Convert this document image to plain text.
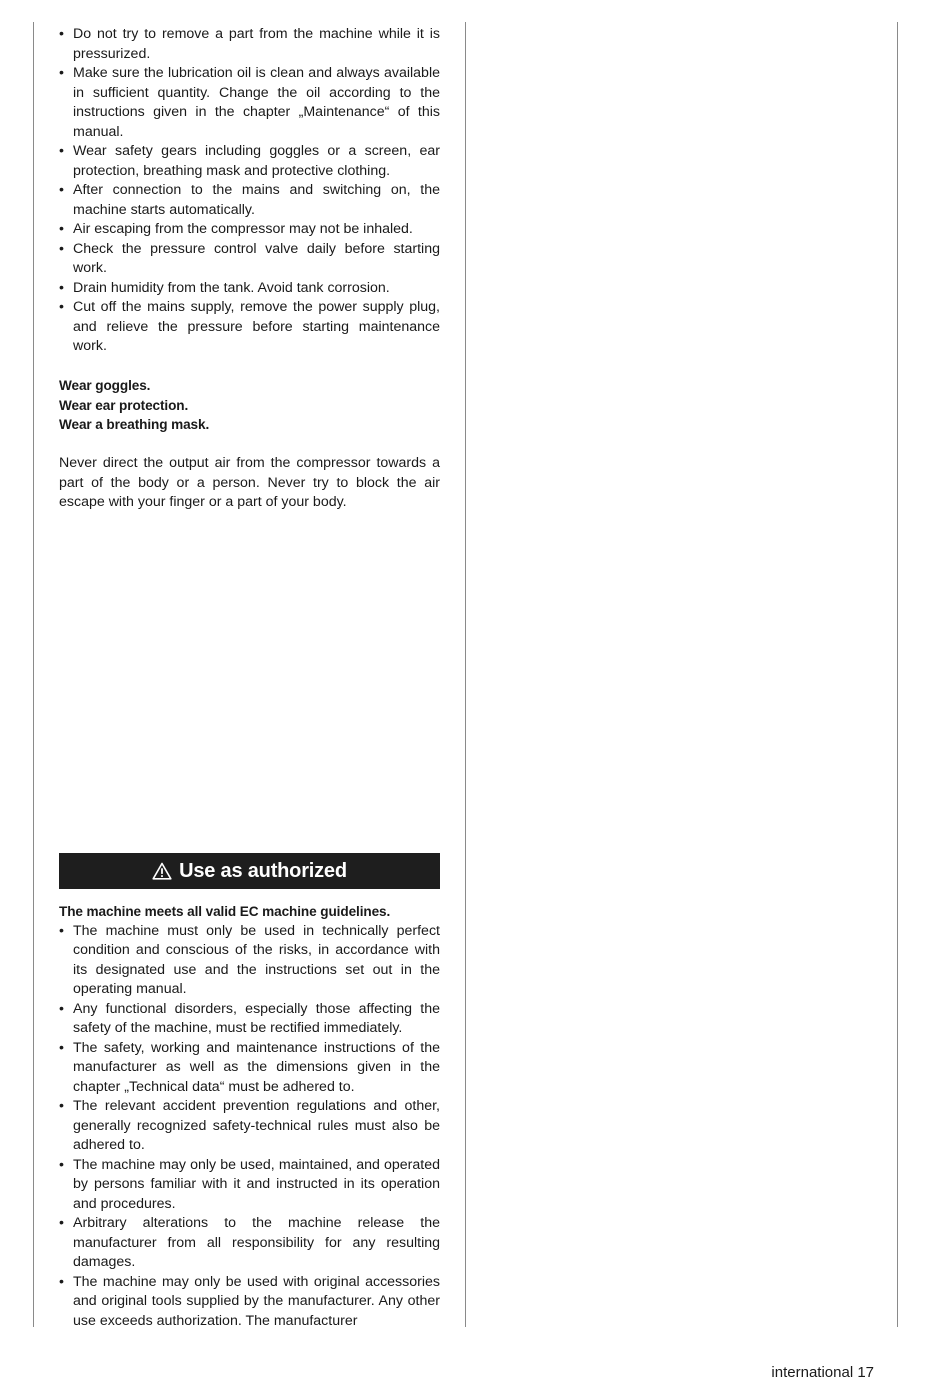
• Do not try to remove a part from the machine while it is pressurized.
• Make sure the lubrication oil is clean and always available in sufficient quantity. Change the oil according to the instructions given in the chapter „Maintenance“ of this manual.
• Wear safety gears including goggles or a screen, ear protection, breathing mask and protective clothing.
• After connection to the mains and switching on, the machine starts automatically.
• Air escaping from the compressor may not be inhaled.
• Check the pressure control valve daily before starting work.
• Drain humidity from the tank. Avoid tank corrosion.
• Cut off the mains supply, remove the power supply plug, and relieve the pressure before starting maintenance work.
Wear goggles.
Wear ear protection.
Wear a breathing mask.

Never direct the output air from the compressor towards a part of the body or a person. Never try to block the air escape with your finger or a part of your body.

Use as authorized
The machine meets all valid EC machine guidelines.
• The machine must only be used in technically perfect condition and conscious of the risks, in accordance with its designated use and the instructions set out in the operating manual.
• Any functional disorders, especially those affecting the safety of the machine, must be rectified immediately.
• The safety, working and maintenance instructions of the manufacturer as well as the dimensions given in the chapter „Technical data“ must be adhered to.
• The relevant accident prevention regulations and other, generally recognized safety-technical rules must also be adhered to.
• The machine may only be used, maintained, and operated by persons familiar with it and instructed in its operation and procedures.
• Arbitrary alterations to the machine release the manufacturer from all responsibility for any resulting damages.
• The machine may only be used with original accessories and original tools supplied by the manufacturer. Any other use exceeds authorization. The manufacturer
international 17
